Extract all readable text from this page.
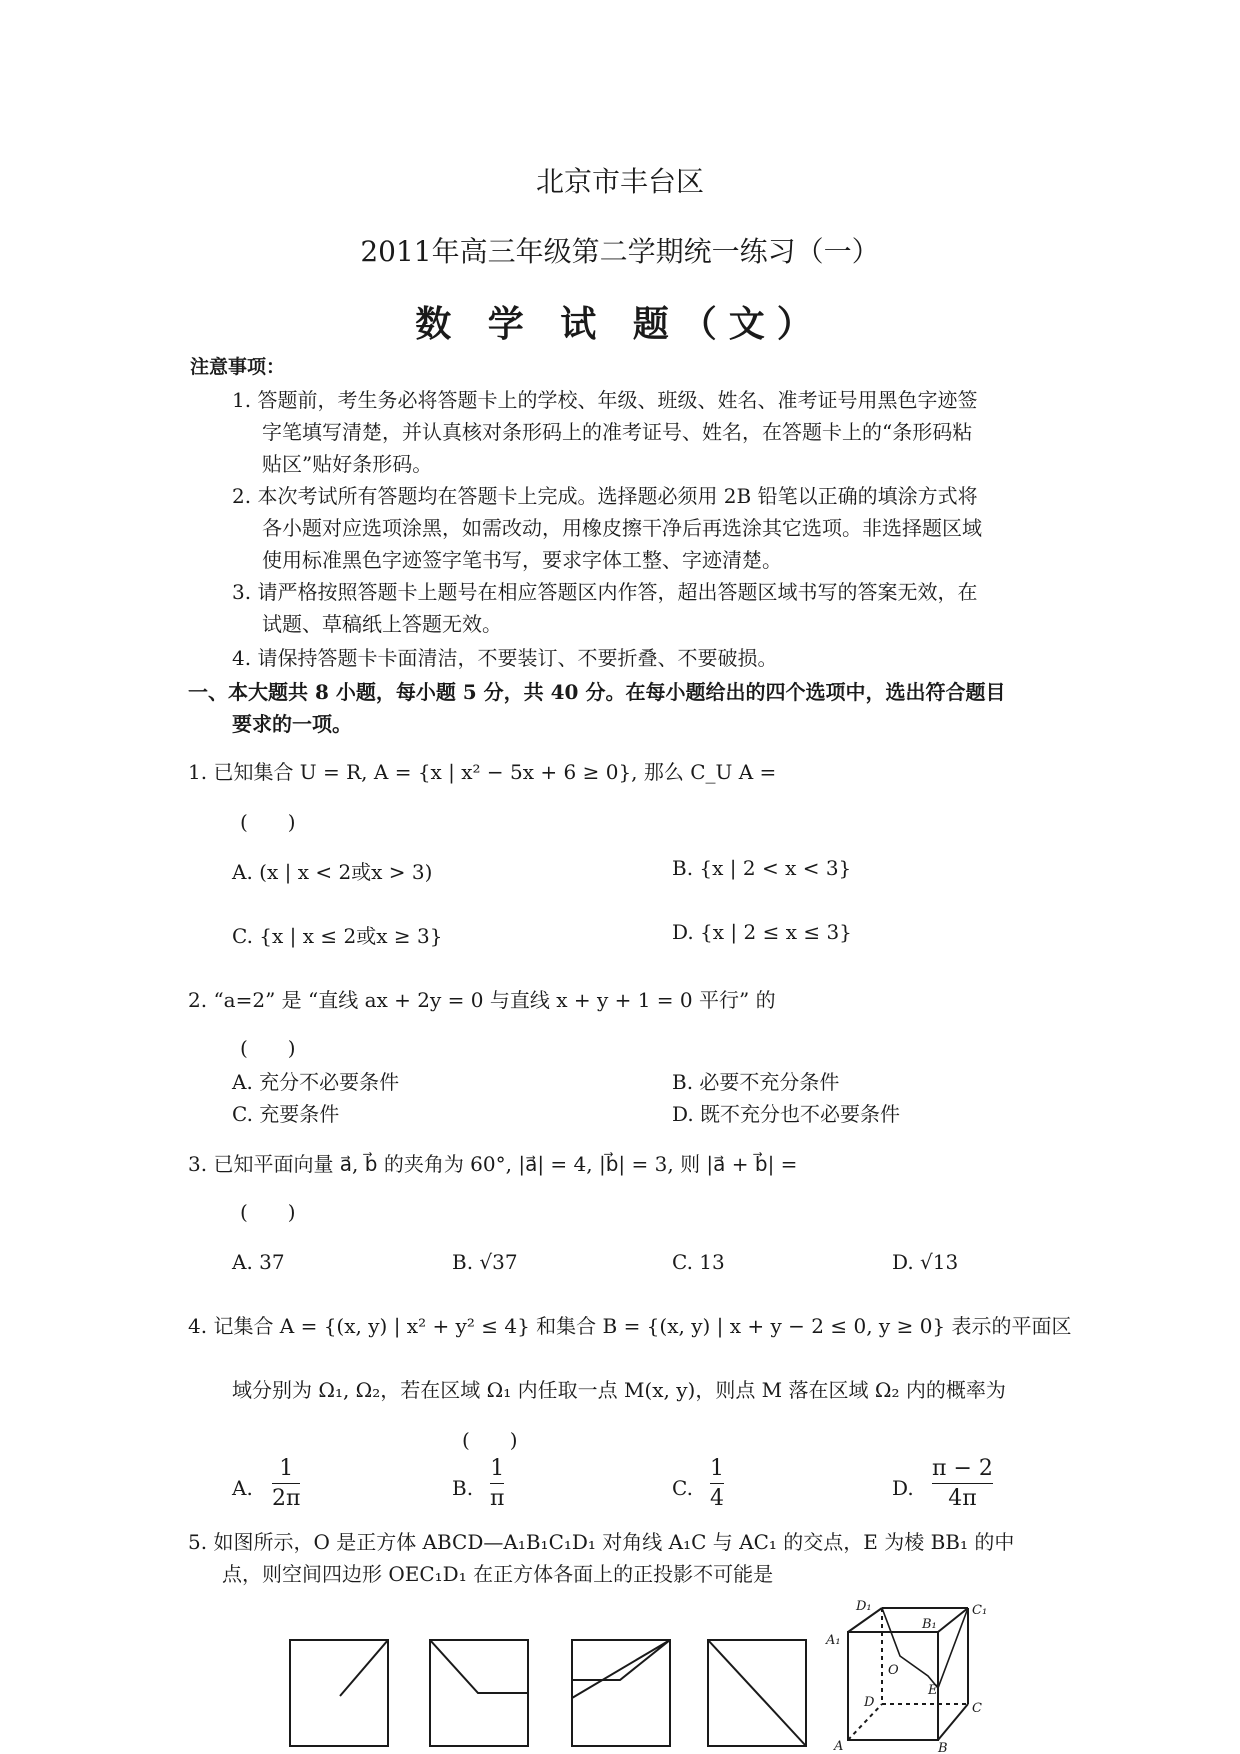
北京市丰台区
2011年高三年级第二学期统一练习（一）
数 学 试 题（文）
注意事项：
1. 答题前，考生务必将答题卡上的学校、年级、班级、姓名、准考证号用黑色字迹签
字笔填写清楚，并认真核对条形码上的准考证号、姓名，在答题卡上的“条形码粘
贴区”贴好条形码。
2. 本次考试所有答题均在答题卡上完成。选择题必须用 2B 铅笔以正确的填涂方式将
各小题对应选项涂黑，如需改动，用橡皮擦干净后再选涂其它选项。非选择题区域
使用标准黑色字迹签字笔书写，要求字体工整、字迹清楚。
3. 请严格按照答题卡上题号在相应答题区内作答，超出答题区域书写的答案无效，在
试题、草稿纸上答题无效。
4. 请保持答题卡卡面清洁，不要装订、不要折叠、不要破损。
一、本大题共 8 小题，每小题 5 分，共 40 分。在每小题给出的四个选项中，选出符合题目
要求的一项。
1. 已知集合 U = R, A = {x | x² − 5x + 6 ≥ 0}, 那么 C_U A =
(　　)
A. (x | x < 2或x > 3)	B. {x | 2 < x < 3}
C. {x | x ≤ 2或x ≥ 3}	D. {x | 2 ≤ x ≤ 3}
2. “a=2” 是 “直线 ax + 2y = 0 与直线 x + y + 1 = 0 平行” 的
(　　)
A. 充分不必要条件	B. 必要不充分条件
C. 充要条件	D. 既不充分也不必要条件
3. 已知平面向量 a⃗, b⃗ 的夹角为 60°, |a⃗| = 4, |b⃗| = 3, 则 |a⃗ + b⃗| =
(　　)
A. 37	B. √37	C. 13	D. √13
4. 记集合 A = {(x, y) | x² + y² ≤ 4} 和集合 B = {(x, y) | x + y − 2 ≤ 0, y ≥ 0} 表示的平面区
域分别为 Ω₁, Ω₂，若在区域 Ω₁ 内任取一点 M(x, y)，则点 M 落在区域 Ω₂ 内的概率为
(　　)
A.
1
2π	B.
1
π	C.
1
4	D.
π − 2
4π
5. 如图所示，O 是正方体 ABCD—A₁B₁C₁D₁ 对角线 A₁C 与 AC₁ 的交点，E 为棱 BB₁ 的中
点，则空间四边形 OEC₁D₁ 在正方体各面上的正投影不可能是
D₁	C₁
B₁
A₁
O
E
D	C
A	B
